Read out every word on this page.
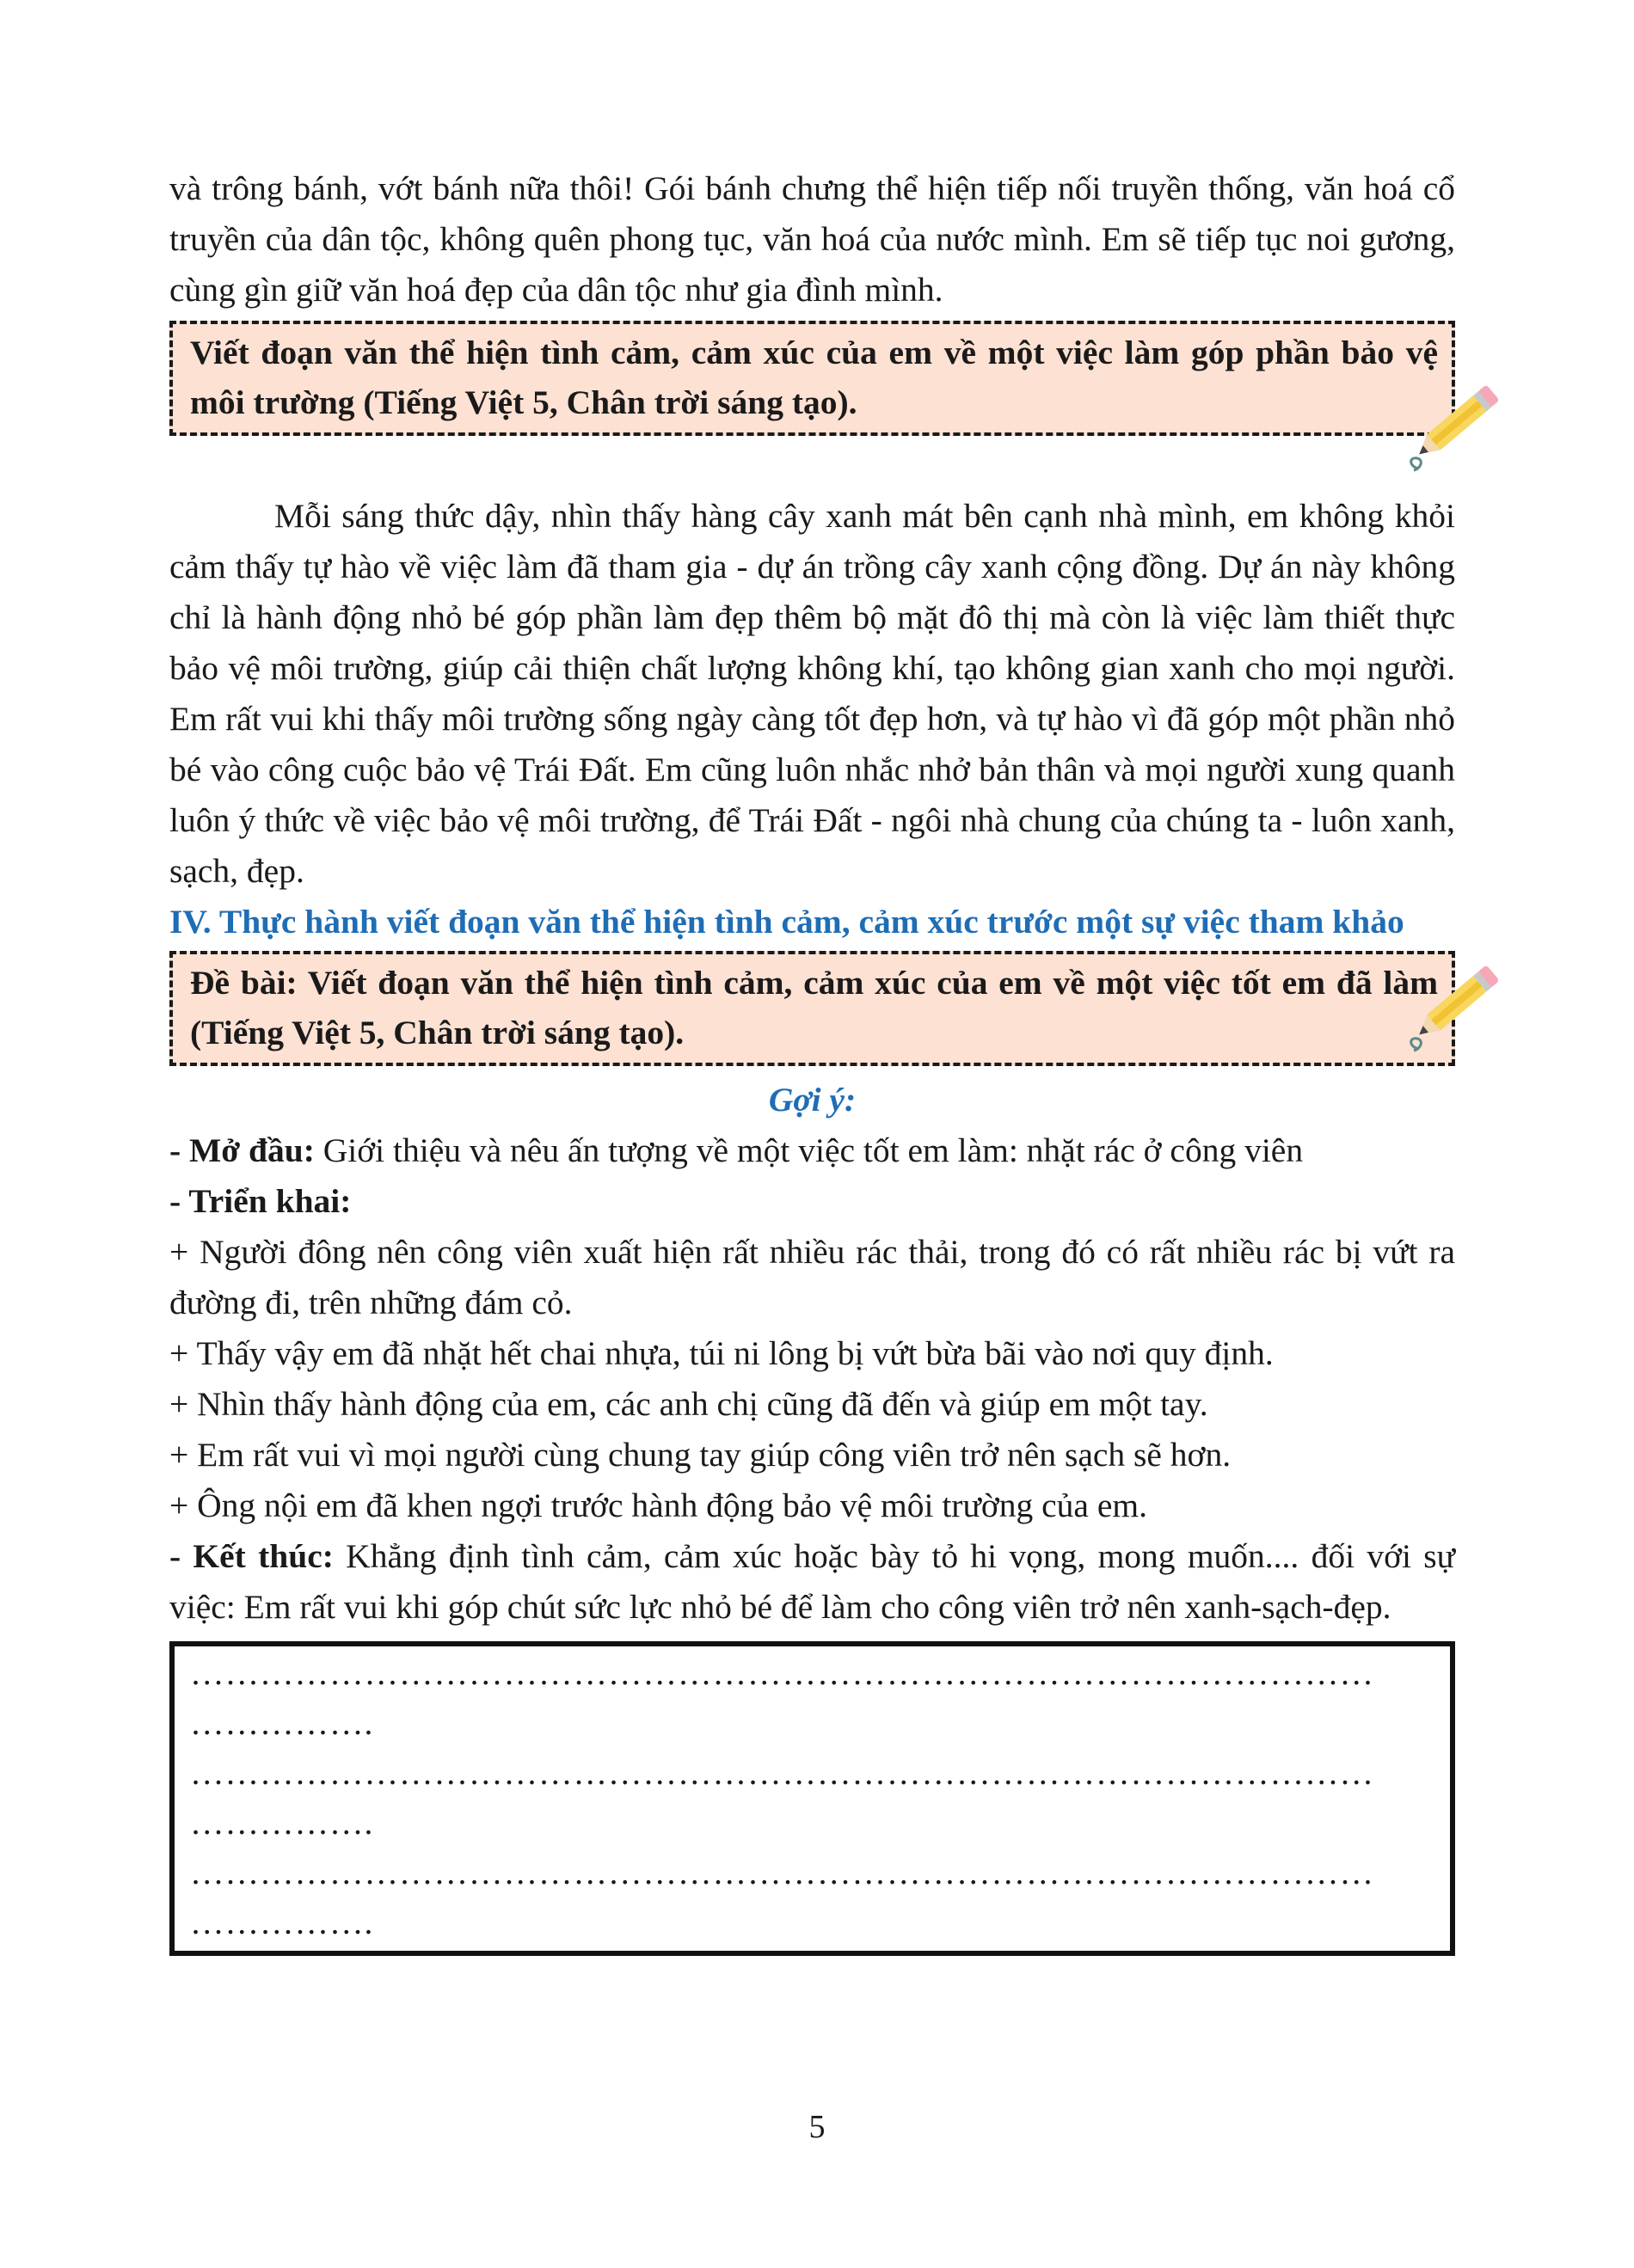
và trông bánh, vớt bánh nữa thôi! Gói bánh chưng thể hiện tiếp nối truyền thống, văn hoá cổ truyền của dân tộc, không quên phong tục, văn hoá của nước mình. Em sẽ tiếp tục noi gương, cùng gìn giữ văn hoá đẹp của dân tộc như gia đình mình.

Viết đoạn văn thể hiện tình cảm, cảm xúc của em về một việc làm góp phần bảo vệ môi trường (Tiếng Việt 5, Chân trời sáng tạo).

Mỗi sáng thức dậy, nhìn thấy hàng cây xanh mát bên cạnh nhà mình, em không khỏi cảm thấy tự hào về việc làm đã tham gia - dự án trồng cây xanh cộng đồng. Dự án này không chỉ là hành động nhỏ bé góp phần làm đẹp thêm bộ mặt đô thị mà còn là việc làm thiết thực bảo vệ môi trường, giúp cải thiện chất lượng không khí, tạo không gian xanh cho mọi người. Em rất vui khi thấy môi trường sống ngày càng tốt đẹp hơn, và tự hào vì đã góp một phần nhỏ bé vào công cuộc bảo vệ Trái Đất. Em cũng luôn nhắc nhở bản thân và mọi người xung quanh luôn ý thức về việc bảo vệ môi trường, để Trái Đất - ngôi nhà chung của chúng ta - luôn xanh, sạch, đẹp.

IV. Thực hành viết đoạn văn thể hiện tình cảm, cảm xúc trước một sự việc tham khảo

Đề bài: Viết đoạn văn thể hiện tình cảm, cảm xúc của em về một việc tốt em đã làm (Tiếng Việt 5, Chân trời sáng tạo).

Gợi ý:

- Mở đầu: Giới thiệu và nêu ấn tượng về một việc tốt em làm: nhặt rác ở công viên

- Triển khai:

+ Người đông nên công viên xuất hiện rất nhiều rác thải, trong đó có rất nhiều rác bị vứt ra đường đi, trên những đám cỏ.

+ Thấy vậy em đã nhặt hết chai nhựa, túi ni lông bị vứt bừa bãi vào nơi quy định.

+ Nhìn thấy hành động của em, các anh chị cũng đã đến và giúp em một tay.

+ Em rất vui vì mọi người cùng chung tay giúp công viên trở nên sạch sẽ hơn.

+ Ông nội em đã khen ngợi trước hành động bảo vệ môi trường của em.

- Kết thúc: Khẳng định tình cảm, cảm xúc hoặc bày tỏ hi vọng, mong muốn.... đối với sự việc: Em rất vui khi góp chút sức lực nhỏ bé để làm cho công viên trở nên xanh-sạch-đẹp.

…………………………………………………………………………………………
…………….
…………………………………………………………………………………………
…………….
…………………………………………………………………………………………
…………….
5
